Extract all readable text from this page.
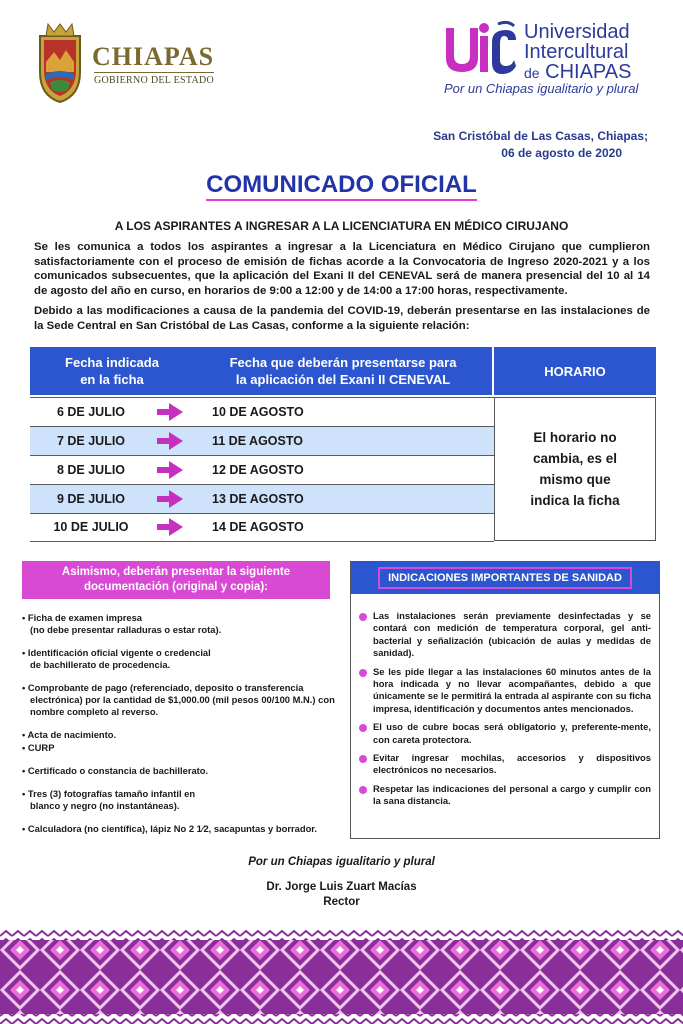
CHIAPAS
GOBIERNO DEL ESTADO
Universidad
Intercultural
de CHIAPAS
Por un Chiapas igualitario y plural
San Cristóbal de Las Casas, Chiapas;
06 de agosto de 2020
COMUNICADO OFICIAL
A LOS ASPIRANTES A INGRESAR A LA LICENCIATURA EN MÉDICO CIRUJANO
Se les comunica a todos los aspirantes a ingresar a la Licenciatura en Médico Cirujano que cumplieron satisfactoriamente con el proceso de emisión de fichas acorde a la Convocatoria de Ingreso 2020-2021 y a los comunicados subsecuentes, que la aplicación del Exani II del CENEVAL será de manera presencial del 10 al 14 de agosto del año en curso, en horarios de 9:00 a 12:00 y de 14:00 a 17:00 horas, respectivamente.
Debido a las modificaciones a causa de la pandemia del COVID-19, deberán presentarse en las instalaciones de la Sede Central en San Cristóbal de Las Casas, conforme a la siguiente relación:
Fecha indicada
en la ficha
Fecha que deberán presentarse para
la aplicación del Exani II CENEVAL
HORARIO
6 DE JULIO	10 DE AGOSTO
7 DE JULIO	11 DE AGOSTO
8 DE JULIO	12 DE AGOSTO
9 DE JULIO	13 DE AGOSTO
10 DE JULIO	14 DE AGOSTO
El horario no
cambia, es el
mismo que
indica la ficha
Asimismo, deberán presentar la siguiente
documentación (original y copia):
• Ficha de examen impresa
(no debe presentar ralladuras o estar rota).
• Identificación oficial vigente o credencial
de bachillerato de procedencia.
• Comprobante de pago (referenciado, deposito o transferencia
electrónica) por la cantidad de $1,000.00 (mil pesos 00/100 M.N.) con nombre completo al reverso.
• Acta de nacimiento.
• CURP
• Certificado o constancia de bachillerato.
• Tres (3) fotografías tamaño infantil en
blanco y negro (no instantáneas).
• Calculadora (no científica), lápiz No 2 1⁄2, sacapuntas y borrador.
INDICACIONES IMPORTANTES DE SANIDAD
Las instalaciones serán previamente desinfectadas y se contará con medición de temperatura corporal, gel anti-bacterial y señalización (ubicación de aulas y medidas de sanidad).
Se les pide llegar a las instalaciones 60 minutos antes de la hora indicada y no llevar acompañantes, debido a que únicamente se le permitirá la entrada al aspirante con su ficha impresa, identificación y documentos antes mencionados.
El uso de cubre bocas será obligatorio y, preferente-mente, con careta protectora.
Evitar ingresar mochilas, accesorios y dispositivos electrónicos no necesarios.
Respetar las indicaciones del personal a cargo y cumplir con la sana distancia.
Por un Chiapas igualitario y plural
Dr. Jorge Luis Zuart Macías
Rector
